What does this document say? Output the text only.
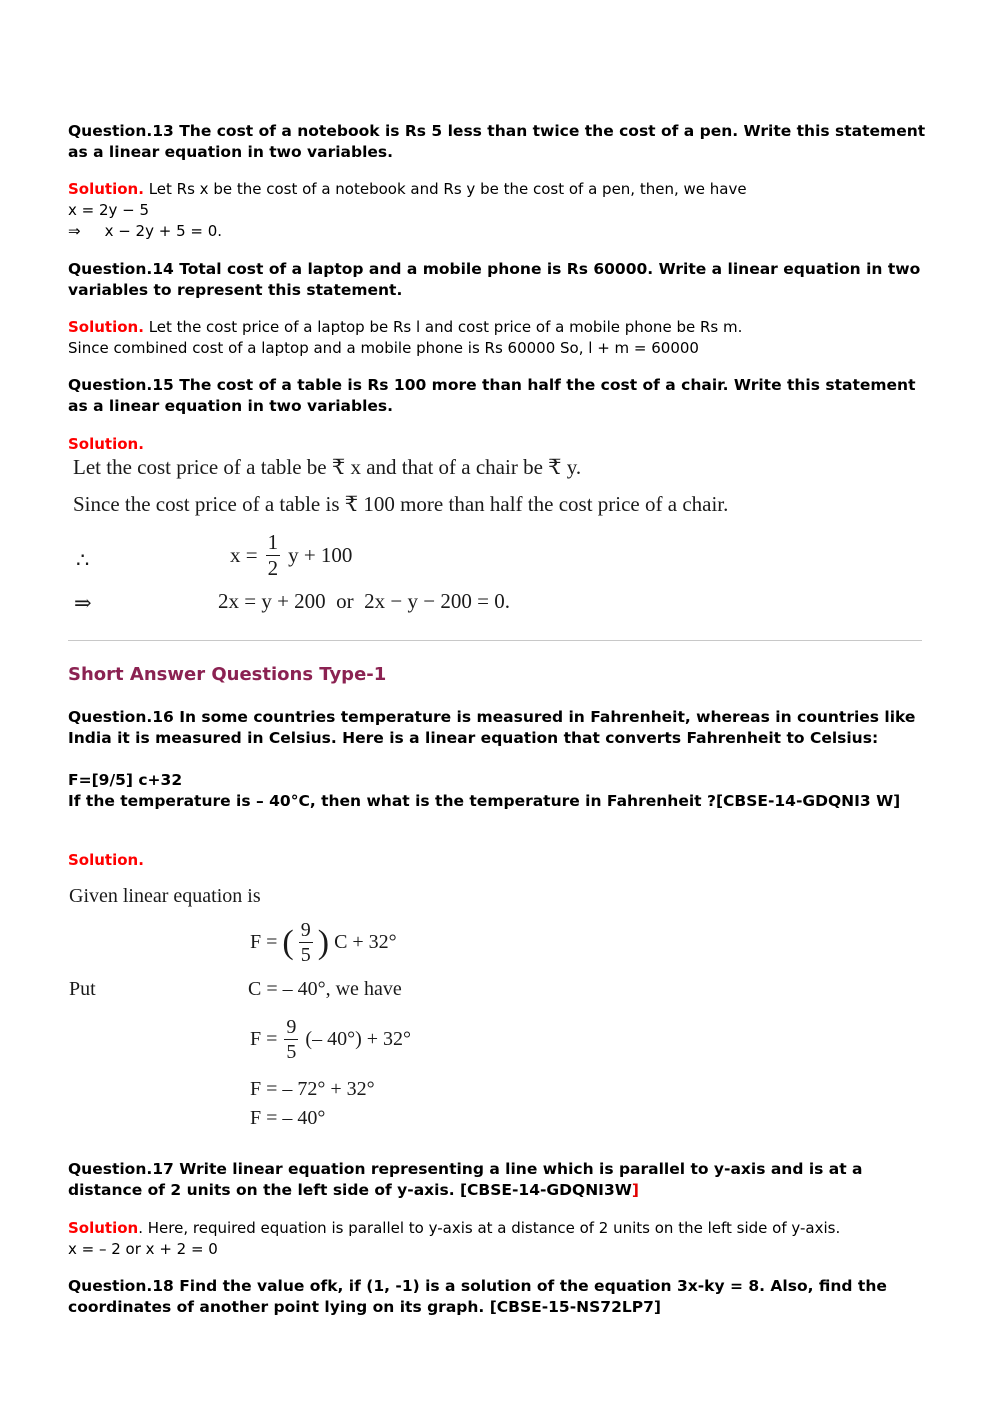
Question.13 The cost of a notebook is Rs 5 less than twice the cost of a pen. Write this statement as a linear equation in two variables.
Solution. Let Rs x be the cost of a notebook and Rs y be the cost of a pen, then, we have
x = 2y − 5
⇒ x − 2y + 5 = 0.
Question.14 Total cost of a laptop and a mobile phone is Rs 60000. Write a linear equation in two variables to represent this statement.
Solution. Let the cost price of a laptop be Rs l and cost price of a mobile phone be Rs m.
Since combined cost of a laptop and a mobile phone is Rs 60000 So, l + m = 60000
Question.15 The cost of a table is Rs 100 more than half the cost of a chair. Write this statement as a linear equation in two variables.
Solution.
Let the cost price of a table be ₹ x and that of a chair be ₹ y.
Since the cost price of a table is ₹ 100 more than half the cost price of a chair.
∴	$x = \frac{1}{2}$ y + 100
⇒	2x = y + 200  or  2x − y − 200 = 0.
Short Answer Questions Type-1
Question.16 In some countries temperature is measured in Fahrenheit, whereas in countries like India it is measured in Celsius. Here is a linear equation that converts Fahrenheit to Celsius:
F=[9/5] c+32
If the temperature is – 40°C, then what is the temperature in Fahrenheit ?[CBSE-14-GDQNI3 W]
Solution.
Given linear equation is
F = ( $\frac{9}{5}$ ) C + 32°
Put	C = – 40°, we have
$F = \frac{9}{5}$ (– 40°) + 32°
F = – 72° + 32°
F = – 40°
Question.17 Write linear equation representing a line which is parallel to y-axis and is at a distance of 2 units on the left side of y-axis. [CBSE-14-GDQNI3W]
Solution. Here, required equation is parallel to y-axis at a distance of 2 units on the left side of y-axis.
x = – 2 or x + 2 = 0
Question.18 Find the value ofk, if (1, -1) is a solution of the equation 3x-ky = 8. Also, find the coordinates of another point lying on its graph. [CBSE-15-NS72LP7]
